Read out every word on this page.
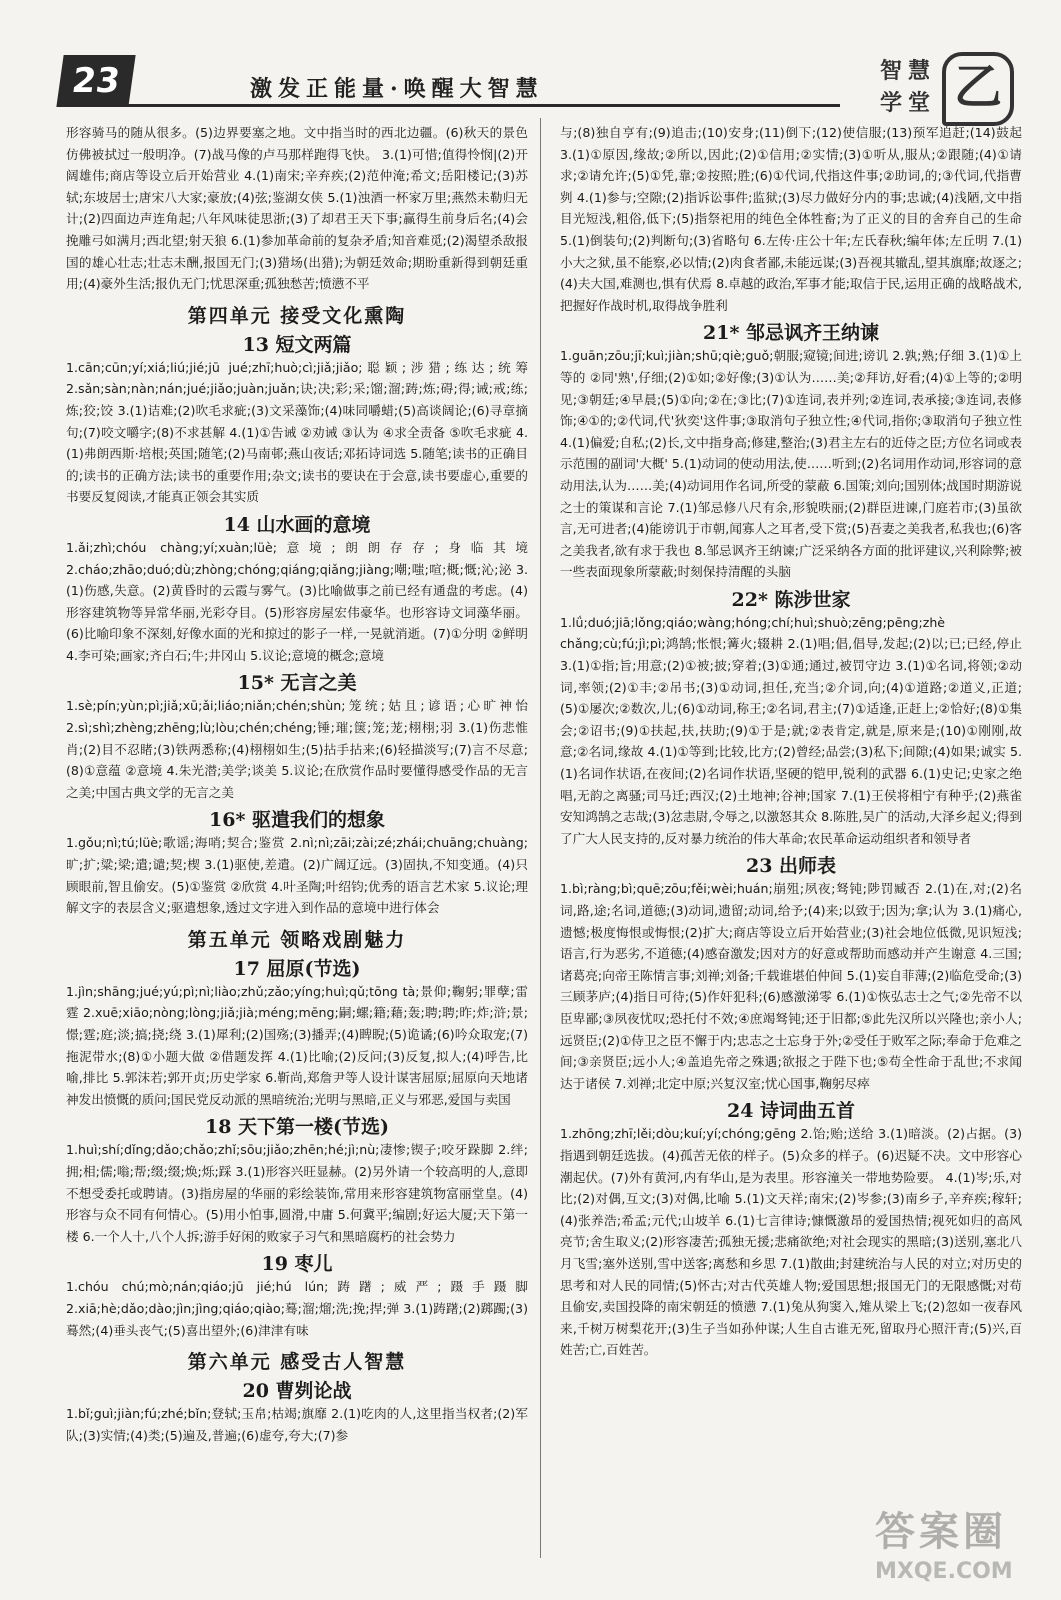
23	激发正能量·唤醒大智慧
智 慧
学 堂 乙

形容骑马的随从很多。(5)边界要塞之地。文中指当时的西北边疆。(6)秋天的景色仿佛被拭过一般明净。(7)战马像的卢马那样跑得飞快。 3.(1)可惜;值得怜悯|(2)开阔雄伟;商店等设立后开始营业 4.(1)南宋;辛弃疾;(2)范仲淹;希文;岳阳楼记;(3)苏轼;东坡居士;唐宋八大家;豪放;(4)弦;鉴湖女侠 5.(1)浊酒一杯家万里;燕然未勒归无计;(2)四面边声连角起;八年风味徒思浙;(3)了却君王天下事;赢得生前身后名;(4)会挽雕弓如满月;西北望;射天狼 6.(1)参加革命前的复杂矛盾;知音难觅;(2)渴望杀敌报国的雄心壮志;壮志未酬,报国无门;(3)猎场(出猎);为朝廷效命;期盼重新得到朝廷重用;(4)豪外生活;报仇无门;忧思深重;孤独愁苦;愤懑不平

第四单元 接受文化熏陶
13 短文两篇

1.cān;cūn;yí;xiá;liú;jié;jū jué;zhī;huò;cì;jiǎ;jiǎo;聪颖;涉猎;练达;统筹 2.sǎn;sàn;nàn;nán;jué;jiǎo;juàn;juǎn;诀;决;彩;采;馏;溜;踌;炼;碍;得;诫;戒;练;炼;狡;饺 3.(1)诘难;(2)吹毛求疵;(3)文采藻饰;(4)味同嚼蜡;(5)高谈阔论;(6)寻章摘句;(7)咬文嚼字;(8)不求甚解 4.(1)①告诫 ②劝诫 ③认为 ④求全责备 ⑤吹毛求疵 4.(1)弗朗西斯·培根;英国;随笔;(2)马南邨;燕山夜话;邓拓诗词选 5.随笔;读书的正确目的;读书的正确方法;读书的重要作用;杂文;读书的要诀在于会意,读书要虚心,重要的书要反复阅读,才能真正领会其实质

14 山水画的意境

1.ǎi;zhì;chóu chàng;yí;xuàn;lüè;意境;朗朗存存;身临其境 2.cháo;zhāo;duó;dù;zhòng;chóng;qiáng;qiǎng;jiàng;嘲;嗤;喧;概;慨;沁;泌 3.(1)伤感,失意。(2)黄昏时的云霞与雾气。(3)比喻做事之前已经有通盘的考虑。(4)形容建筑物等异常华丽,光彩夺目。(5)形容房屋宏伟豪华。也形容诗文词藻华丽。(6)比喻印象不深刻,好像水面的光和掠过的影子一样,一晃就消逝。(7)①分明 ②鲜明 4.李可染;画家;齐白石;牛;井冈山 5.议论;意境的概念;意境

15* 无言之美

1.sè;pín;yùn;pì;jiǎ;xū;ǎi;liáo;niǎn;chén;shùn;笼统;姑且;谚语;心旷神怡 2.sì;shì;zhèng;zhēng;lù;lòu;chén;chéng;锤;璀;箧;笼;茏;栩栩;羽 3.(1)伤悲惟肖;(2)目不忍睹;(3)铁两悉称;(4)栩栩如生;(5)拈手拈来;(6)轻描淡写;(7)言不尽意;(8)①意蕴 ②意境 4.朱光潜;美学;谈美 5.议论;在欣赏作品时要懂得感受作品的无言之美;中国古典文学的无言之美

16* 驱遣我们的想象

1.gǒu;nì;tú;lüè;歌谣;海哨;契合;鉴赏 2.nì;nì;zāi;zài;zé;zhái;chuāng;chuàng;旷;扩;粱;梁;遣;谴;契;楔 3.(1)驱使,差遣。(2)广阔辽远。(3)固执,不知变通。(4)只顾眼前,智且偷安。(5)①鉴赏 ②欣赏 4.叶圣陶;叶绍钧;优秀的语言艺术家 5.议论;理解文字的表层含义;驱遣想象,透过文字进入到作品的意境中进行体会

第五单元 领略戏剧魅力
17 屈原(节选)

1.jìn;shāng;jué;yú;pì;nì;liào;zhǔ;zǎo;yíng;huì;qǔ;tōng tà;景仰;鞠躬;罪孽;雷霆 2.xuē;xiāo;nòng;lòng;jiǎ;jià;méng;mēng;嗣;螺;籍;藉;轰;聘;聘;昨;炸;浒;景;憬;霆;庭;淡;搞;挠;绕 3.(1)犀利;(2)国殇;(3)播弄;(4)睥睨;(5)诡谲;(6)吟众取宠;(7)拖泥带水;(8)①小题大做 ②借题发挥 4.(1)比喻;(2)反问;(3)反复,拟人;(4)呼告,比喻,排比 5.郭沫若;郭开贞;历史学家 6.靳尚,郑詹尹等人设计谋害屈原;屈原向天地诸神发出愤慨的质问;国民党反动派的黑暗统治;光明与黑暗,正义与邪恶,爱国与卖国

18 天下第一楼(节选)

1.huì;shí;dǐng;dǎo;chǎo;zhǐ;sōu;jiǎo;zhēn;hé;jì;nù;凄惨;锲子;咬牙跺脚 2.绊;拥;相;儒;嗡;帮;缀;缀;焕;烁;踩 3.(1)形容兴旺显赫。(2)另外请一个较高明的人,意即不想受委托或聘请。(3)指房屋的华丽的彩绘装饰,常用来形容建筑物富丽堂皇。(4)形容与众不同有何情心。(5)用小怕事,圆滑,中庸 5.何冀平;编剧;好运大厦;天下第一楼 6.一个人十,八个人拆;游手好闲的败家子习气和黑暗腐朽的社会势力

19 枣儿

1.chóu chú;mò;nán;qiáo;jū jié;hú lún;踌躇;威严;蹑手蹑脚 2.xiā;hè;dǎo;dào;jìn;jìng;qiáo;qiào;蓦;溜;熘;洗;挽;捍;弹 3.(1)踌躇;(2)踯躅;(3)蓦然;(4)垂头丧气;(5)喜出望外;(6)津津有味

第六单元 感受古人智慧
20 曹刿论战

1.bǐ;guì;jiàn;fú;zhé;bǐn;登轼;玉帛;枯竭;旗靡 2.(1)吃肉的人,这里指当权者;(2)军队;(3)实情;(4)类;(5)遍及,普遍;(6)虚夸,夸大;(7)参

与;(8)独自亨有;(9)追击;(10)安身;(11)倒下;(12)使信服;(13)预军追赶;(14)鼓起 3.(1)①原因,缘故;②所以,因此;(2)①信用;②实情;(3)①听从,服从;②跟随;(4)①请求;②请允许;(5)①凭,靠;②按照;胜;(6)①代词,代指这件事;②助词,的;③代词,代指曹刿 4.(1)参与;空隙;(2)指诉讼事件;监狱;(3)尽力做好分内的事;忠诚;(4)浅陋,文中指目光短浅,粗俗,低下;(5)指祭祀用的纯色全体牲畜;为了正义的目的舍弃自己的生命 5.(1)倒装句;(2)判断句;(3)省略句 6.左传·庄公十年;左氏春秋;编年体;左丘明 7.(1)小大之狱,虽不能察,必以情;(2)肉食者鄙,未能远谋;(3)吾视其辙乱,望其旗靡;故逐之;(4)夫大国,难测也,惧有伏焉 8.卓越的政治,军事才能;取信于民,运用正确的战略战术,把握好作战时机,取得战争胜利

21* 邹忌讽齐王纳谏

1.guān;zōu;jī;kuì;jiàn;shū;qiè;guǒ;朝服;窥镜;间进;谤讥 2.孰;熟;仔细 3.(1)①上等的 ②同'熟',仔细;(2)①如;②好像;(3)①认为……美;②拜访,好看;(4)①上等的;②明见;③朝廷;④早晨;(5)①向;②在;③比;(7)①连词,表并列;②连词,表承接;③连词,表修饰;④①的;②代词,代'狄奕'这件事;③取消句子独立性;④代词,指你;③取消句子独立性 4.(1)偏爱;自私;(2)长,文中指身高;修建,整治;(3)君主左右的近侍之臣;方位名词或表示范围的副词'大概' 5.(1)动词的使动用法,使……听到;(2)名词用作动词,形容词的意动用法,认为……美;(4)动词用作名词,所受的蒙蔽 6.国策;刘向;国别体;战国时期游说之士的策谋和言论 7.(1)邹忌修八尺有余,形貌昳丽;(2)群臣进谏,门庭若市;(3)虽欲言,无可进者;(4)能谤讥于市朝,闻寡人之耳者,受下赏;(5)吾妻之美我者,私我也;(6)客之美我者,欲有求于我也 8.邹忌讽齐王纳谏;广泛采纳各方面的批评建议,兴利除弊;被一些表面现象所蒙蔽;时刻保持清醒的头脑

22* 陈涉世家

1.lǘ;duó;jiā;lǒng;qiáo;wàng;hóng;chí;huì;shuò;zēng;pēng;zhè chǎng;cù;fú;jì;pì;鸿鹄;怅恨;篝火;辍耕 2.(1)唱;倡,倡导,发起;(2)以;已;已经,停止 3.(1)①指;旨;用意;(2)①被;披;穿着;(3)①通;通过,被罚守边 3.(1)①名词,将领;②动词,率领;(2)①丰;②吊书;(3)①动词,担任,充当;②介词,向;(4)①道路;②道义,正道;(5)①屡次;②数次,儿;(6)①动词,称王;②名词,君主;(7)①适逢,正赶上;②恰好;(8)①集会;②诏书;(9)①扶起,扶,扶助;(9)①于是;就;②表肯定,就是,原来是;(10)①刚刚,故意;②名词,缘故 4.(1)①等到;比较,比方;(2)曾经;品尝;(3)私下;间隙;(4)如果;诚实 5.(1)名词作状语,在夜间;(2)名词作状语,坚硬的铠甲,锐利的武器 6.(1)史记;史家之绝唱,无韵之离骚;司马迁;西汉;(2)土地神;谷神;国家 7.(1)王侯将相宁有种乎;(2)燕雀安知鸿鹄之志哉;(3)忿恚尉,令辱之,以激怒其众 8.陈胜,吴广的活动,大泽乡起义;得到了广大人民支持的,反对暴力统治的伟大革命;农民革命运动组织者和领导者

23 出师表

1.bì;ràng;bì;quē;zōu;fěi;wèi;huán;崩殂;夙夜;驽钝;陟罚臧否 2.(1)在,对;(2)名词,路,途;名词,道德;(3)动词,遗留;动词,给予;(4)来;以致于;因为;拿;认为 3.(1)痛心,遗憾;极度悔恨或悔恨;(2)扩大;商店等设立后开始营业;(3)社会地位低微,见识短浅;语言,行为恶劣,不道德;(4)感奋激发;因对方的好意或帮助而感动并产生谢意 4.三国;诸葛亮;向帝王陈情言事;刘禅;刘备;千载谁堪伯仲间 5.(1)妄自菲薄;(2)临危受命;(3)三顾茅庐;(4)指日可待;(5)作奸犯科;(6)感激涕零 6.(1)①恢弘志士之气;②先帝不以臣卑鄙;③夙夜忧叹;恐托付不效;④庶竭驽钝;还于旧都;⑤此先汉所以兴隆也;亲小人;远贤臣;(2)①侍卫之臣不懈于内;忠志之士忘身于外;②受任于败军之际;奉命于危难之间;③亲贤臣;远小人;④盖追先帝之殊遇;欲报之于陛下也;⑤苟全性命于乱世;不求闻达于诸侯 7.刘禅;北定中原;兴复汉室;忧心国事,鞠躬尽瘁

24 诗词曲五首

1.zhōng;zhī;lěi;dòu;kuí;yí;chóng;gēng 2.饴;贻;送给 3.(1)暗淡。(2)占据。(3)指遇到朝廷选拔。(4)孤苦无依的样子。(5)众多的样子。(6)迟疑不决。文中形容心潮起伏。(7)外有黄河,内有华山,是为表里。形容潼关一带地势险要。 4.(1)岑;乐,对比;(2)对偶,互文;(3)对偶,比喻 5.(1)文天祥;南宋;(2)岑参;(3)南乡子,辛弃疾;稼轩;(4)张养浩;希孟;元代;山坡羊 6.(1)七言律诗;慷慨激昂的爱国热情;视死如归的高风亮节;舍生取义;(2)形容凄苦;孤独无援;悲痛欲绝;对社会现实的黑暗;(3)送别,塞北八月飞雪;塞外送别,雪中送客;离愁和乡思 7.(1)散曲;封建统治与人民的对立;对历史的思考和对人民的同情;(5)怀古;对古代英雄人物;爱国思想;报国无门的无限感慨;对苟且偷安,卖国投降的南宋朝廷的愤懑 7.(1)兔从狗窦入,雉从梁上飞;(2)忽如一夜春风来,千树万树梨花开;(3)生子当如孙仲谋;人生自古谁无死,留取丹心照汗青;(5)兴,百姓苦;亡,百姓苦。

答案圈
MXQE.COM
